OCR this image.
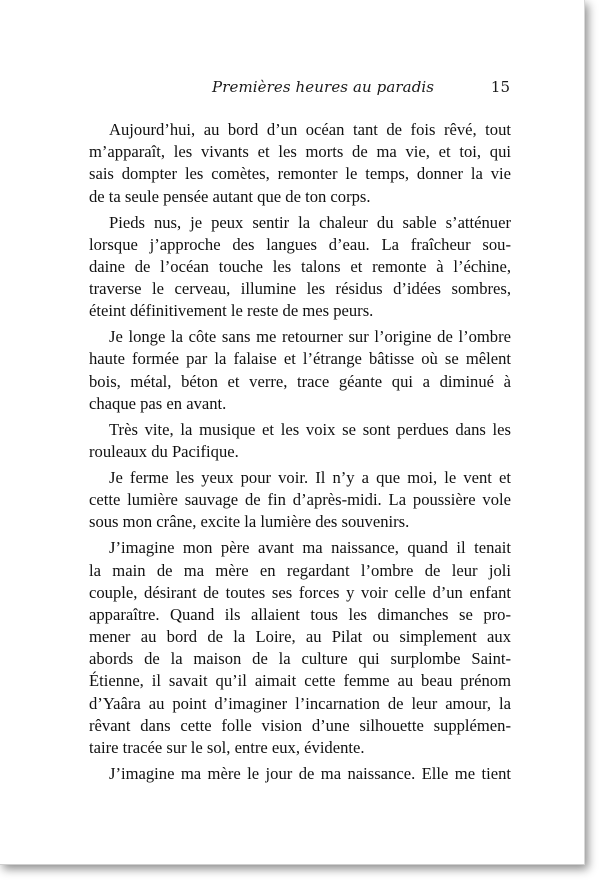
Premières heures au paradis	15
Aujourd’hui, au bord d’un océan tant de fois rêvé, tout
m’apparaît, les vivants et les morts de ma vie, et toi, qui
sais dompter les comètes, remonter le temps, donner la vie
de ta seule pensée autant que de ton corps.
Pieds nus, je peux sentir la chaleur du sable s’atténuer
lorsque j’approche des langues d’eau. La fraîcheur sou-
daine de l’océan touche les talons et remonte à l’échine,
traverse le cerveau, illumine les résidus d’idées sombres,
éteint définitivement le reste de mes peurs.
Je longe la côte sans me retourner sur l’origine de l’ombre
haute formée par la falaise et l’étrange bâtisse où se mêlent
bois, métal, béton et verre, trace géante qui a diminué à
chaque pas en avant.
Très vite, la musique et les voix se sont perdues dans les
rouleaux du Pacifique.
Je ferme les yeux pour voir. Il n’y a que moi, le vent et
cette lumière sauvage de fin d’après-midi. La poussière vole
sous mon crâne, excite la lumière des souvenirs.
J’imagine mon père avant ma naissance, quand il tenait
la main de ma mère en regardant l’ombre de leur joli
couple, désirant de toutes ses forces y voir celle d’un enfant
apparaître. Quand ils allaient tous les dimanches se pro-
mener au bord de la Loire, au Pilat ou simplement aux
abords de la maison de la culture qui surplombe Saint-
Étienne, il savait qu’il aimait cette femme au beau prénom
d’Yaâra au point d’imaginer l’incarnation de leur amour, la
rêvant dans cette folle vision d’une silhouette supplémen-
taire tracée sur le sol, entre eux, évidente.
J’imagine ma mère le jour de ma naissance. Elle me tient
